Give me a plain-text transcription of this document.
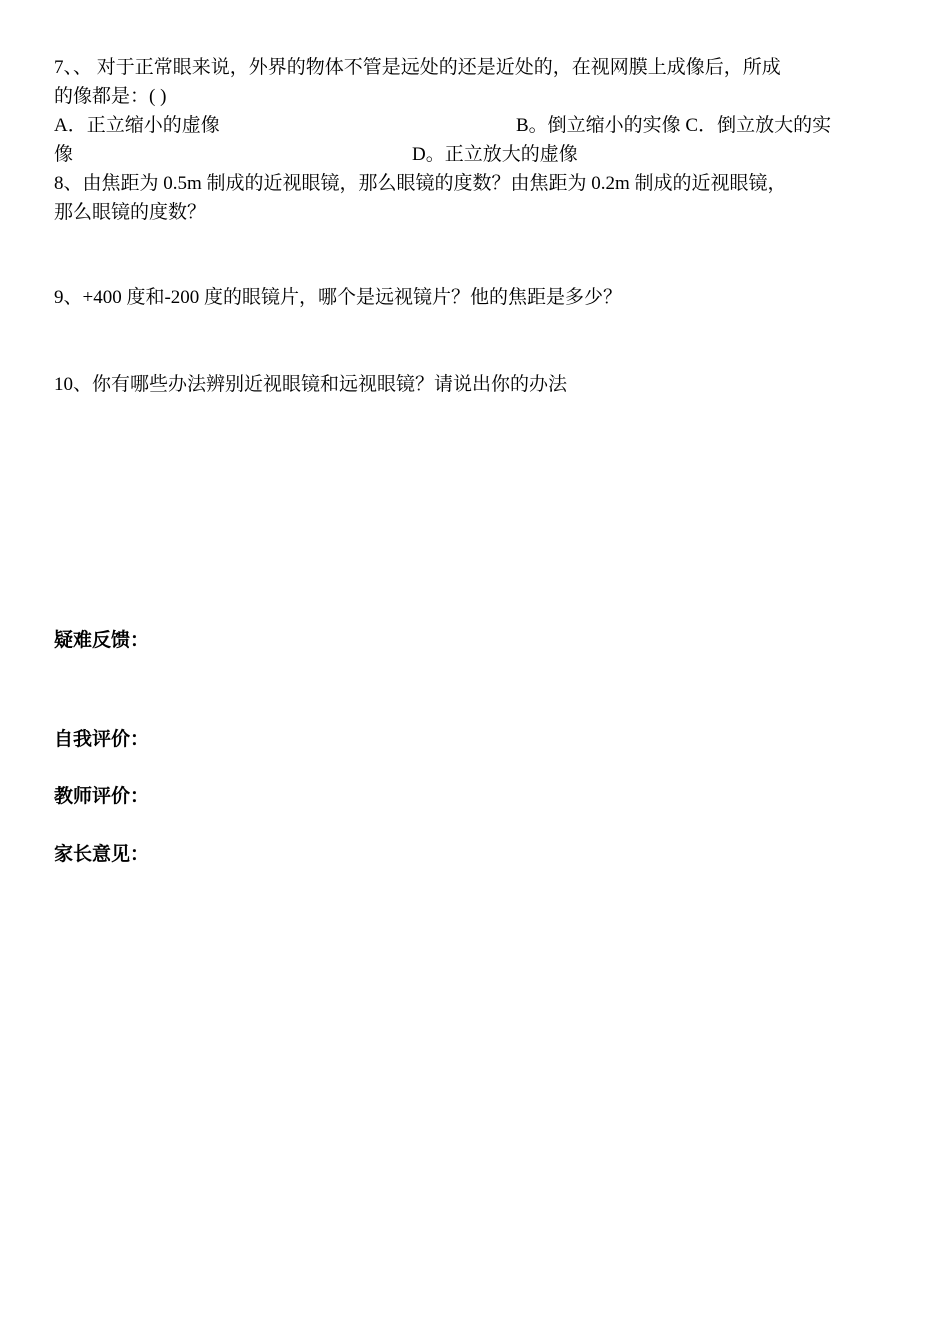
7、、 对于正常眼来说，外界的物体不管是远处的还是近处的，在视网膜上成像后，所成
的像都是：( )
A．正立缩小的虚像	B。倒立缩小的实像 C．倒立放大的实
像	D。正立放大的虚像
8、由焦距为 0.5m 制成的近视眼镜，那么眼镜的度数？由焦距为 0.2m 制成的近视眼镜，
那么眼镜的度数？
9、+400 度和-200 度的眼镜片，哪个是远视镜片？他的焦距是多少？
10、你有哪些办法辨别近视眼镜和远视眼镜？请说出你的办法
疑难反馈：
自我评价：
教师评价：
家长意见：
